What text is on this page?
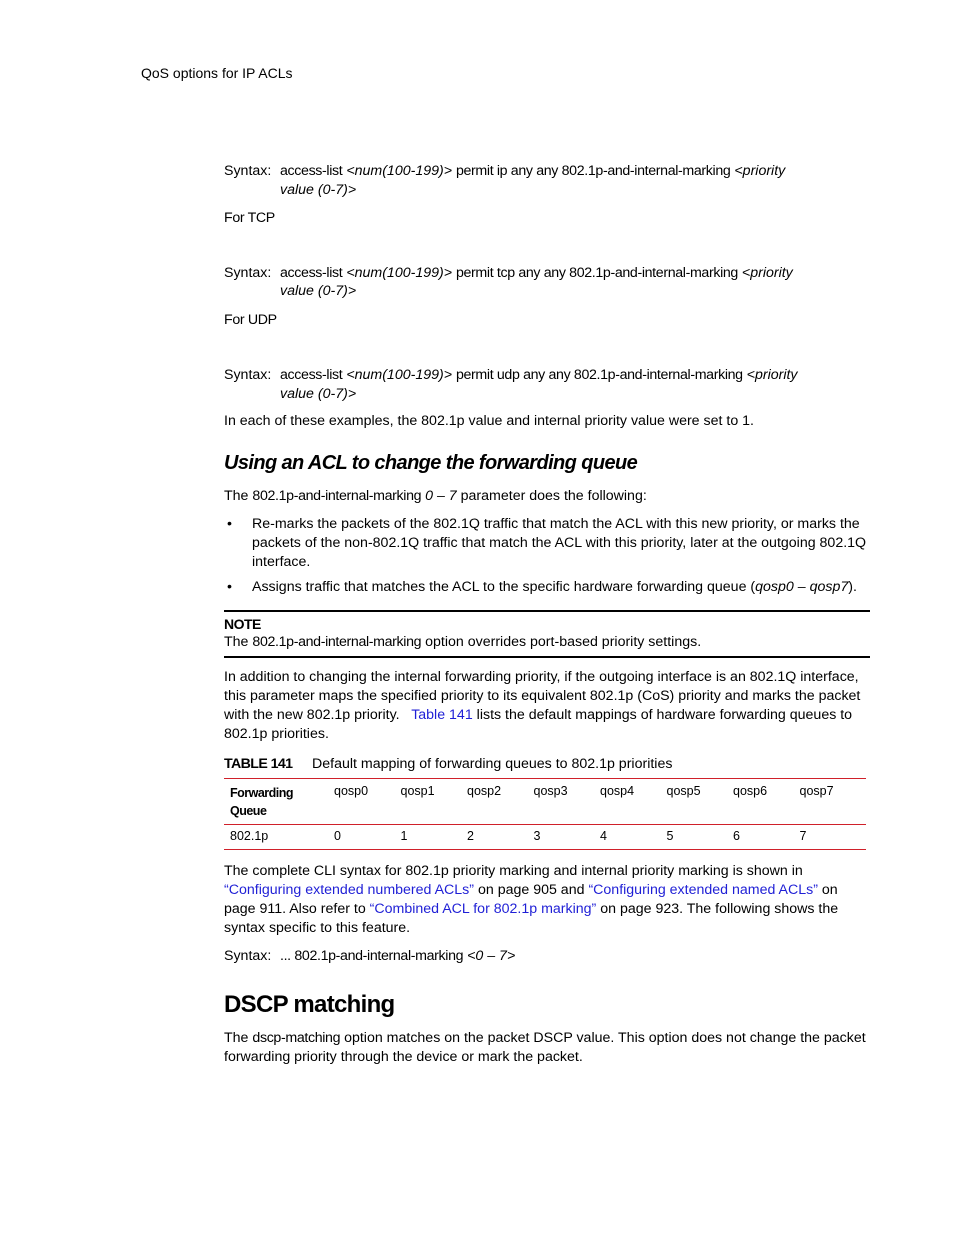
QoS options for IP ACLs

Syntax: access-list <num(100-199)> permit ip any any 802.1p-and-internal-marking <priority
value (0-7)>

For TCP

Syntax: access-list <num(100-199)> permit tcp any any 802.1p-and-internal-marking <priority
value (0-7)>

For UDP

Syntax: access-list <num(100-199)> permit udp any any 802.1p-and-internal-marking <priority
value (0-7)>

In each of these examples, the 802.1p value and internal priority value were set to 1.

Using an ACL to change the forwarding queue

The 802.1p-and-internal-marking 0 – 7 parameter does the following:

• Re-marks the packets of the 802.1Q traffic that match the ACL with this new priority, or marks the packets of the non-802.1Q traffic that match the ACL with this priority, later at the outgoing 802.1Q interface.
• Assigns traffic that matches the ACL to the specific hardware forwarding queue (qosp0 – qosp7).
NOTE
The 802.1p-and-internal-marking option overrides port-based priority settings.

In addition to changing the internal forwarding priority, if the outgoing interface is an 802.1Q interface, this parameter maps the specified priority to its equivalent 802.1p (CoS) priority and marks the packet with the new 802.1p priority. Table 141 lists the default mappings of hardware forwarding queues to 802.1p priorities.

TABLE 141 Default mapping of forwarding queues to 802.1p priorities
Forwarding
Queue	qosp0	qosp1	qosp2	qosp3	qosp4	qosp5	qosp6	qosp7
802.1p	0	1	2	3	4	5	6	7

The complete CLI syntax for 802.1p priority marking and internal priority marking is shown in “Configuring extended numbered ACLs” on page 905 and “Configuring extended named ACLs” on page 911. Also refer to “Combined ACL for 802.1p marking” on page 923. The following shows the syntax specific to this feature.

Syntax: ... 802.1p-and-internal-marking <0 – 7>

DSCP matching

The dscp-matching option matches on the packet DSCP value. This option does not change the packet forwarding priority through the device or mark the packet.
